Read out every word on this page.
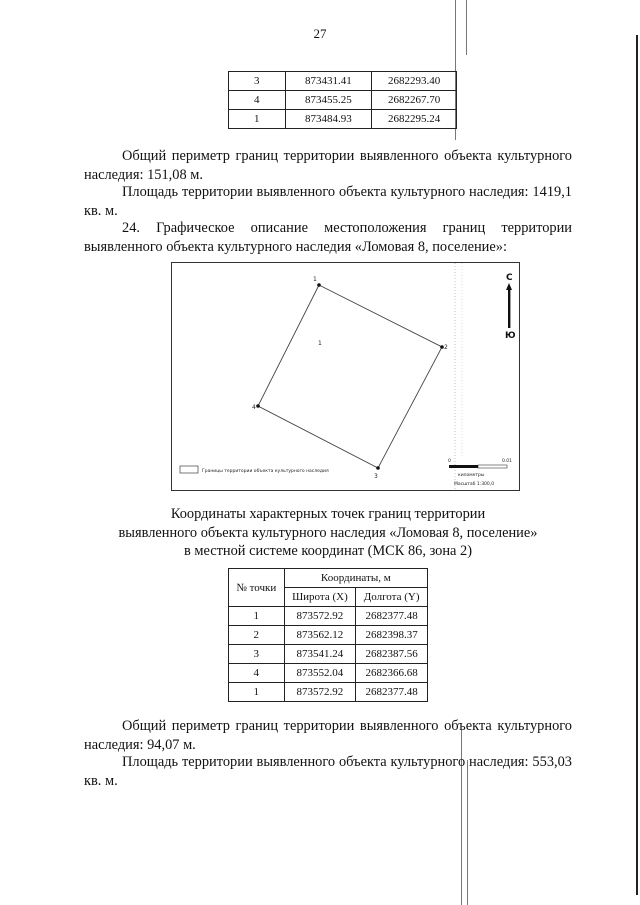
27
3	873431.41	2682293.40
4	873455.25	2682267.70
1	873484.93	2682295.24
Общий периметр границ территории выявленного объекта культурного наследия: 151,08 м.
Площадь территории выявленного объекта культурного наследия: 1419,1 кв. м.
24. Графическое описание местоположения границ территории выявленного объекта культурного наследия «Ломовая 8, поселение»:
1
2
3
4
1
С
Ю
0	0.01
километры
Масштаб 1:300,0
Границы территории объекта культурного наследия
Координаты характерных точек границ территории
выявленного объекта культурного наследия «Ломовая 8, поселение»
в местной системе координат (МСК 86, зона 2)
№ точки	Координаты, м	
	Широта (X)	Долгота (Y)
1	873572.92	2682377.48
2	873562.12	2682398.37
3	873541.24	2682387.56
4	873552.04	2682366.68
1	873572.92	2682377.48
Общий периметр границ территории выявленного объекта культурного наследия: 94,07 м.
Площадь территории выявленного объекта культурного наследия: 553,03 кв. м.
